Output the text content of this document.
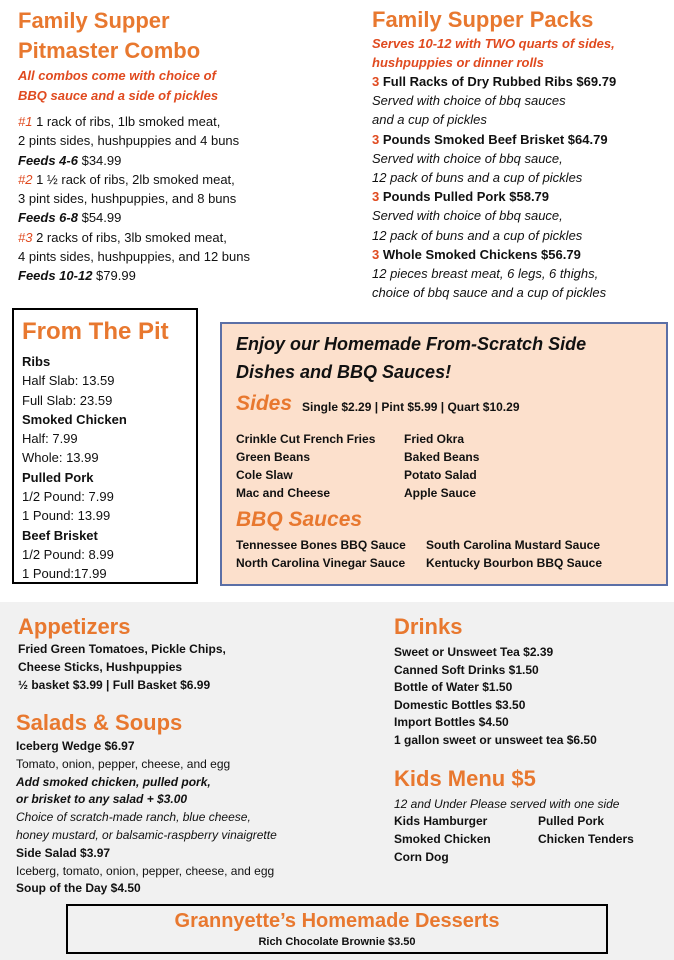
Family Supper
Pitmaster Combo
All combos come with choice of
BBQ sauce and a side of pickles
#1 1 rack of ribs, 1lb smoked meat,
2 pints sides, hushpuppies and 4 buns
Feeds 4-6 $34.99
#2 1 ½ rack of ribs, 2lb smoked meat,
3 pint sides, hushpuppies, and 8 buns
Feeds 6-8 $54.99
#3 2 racks of ribs, 3lb smoked meat,
4 pints sides, hushpuppies, and 12 buns
Feeds 10-12 $79.99
Family Supper Packs
Serves 10-12 with TWO quarts of sides,
hushpuppies or dinner rolls
3 Full Racks of Dry Rubbed Ribs $69.79
Served with choice of bbq sauces
and a cup of pickles
3 Pounds Smoked Beef Brisket $64.79
Served with choice of bbq sauce,
12 pack of buns and a cup of pickles
3 Pounds Pulled Pork $58.79
Served with choice of bbq sauce,
12 pack of buns and a cup of pickles
3 Whole Smoked Chickens $56.79
12 pieces breast meat, 6 legs, 6 thighs,
choice of bbq sauce and a cup of pickles
From The Pit
Ribs
Half Slab: 13.59
Full Slab: 23.59
Smoked Chicken
Half: 7.99
Whole: 13.99
Pulled Pork
1/2 Pound: 7.99
1 Pound: 13.99
Beef Brisket
1/2 Pound: 8.99
1 Pound:17.99
Enjoy our Homemade From-Scratch Side
Dishes and BBQ Sauces!
Sides Single $2.29 | Pint $5.99 | Quart $10.29
Crinkle Cut French Fries
Green Beans
Cole Slaw
Mac and Cheese
Fried Okra
Baked Beans
Potato Salad
Apple Sauce
BBQ Sauces
Tennessee Bones BBQ Sauce
North Carolina Vinegar Sauce
South Carolina Mustard Sauce
Kentucky Bourbon BBQ Sauce
Appetizers
Fried Green Tomatoes, Pickle Chips,
Cheese Sticks, Hushpuppies
½ basket $3.99 | Full Basket $6.99
Salads & Soups
Iceberg Wedge $6.97
Tomato, onion, pepper, cheese, and egg
Add smoked chicken, pulled pork,
or brisket to any salad + $3.00
Choice of scratch-made ranch, blue cheese,
honey mustard, or balsamic-raspberry vinaigrette
Side Salad $3.97
Iceberg, tomato, onion, pepper, cheese, and egg
Soup of the Day $4.50
Drinks
Sweet or Unsweet Tea $2.39
Canned Soft Drinks $1.50
Bottle of Water $1.50
Domestic Bottles $3.50
Import Bottles $4.50
1 gallon sweet or unsweet tea $6.50
Kids Menu $5
12 and Under Please served with one side
Kids Hamburger
Smoked Chicken
Corn Dog
Pulled Pork
Chicken Tenders
Grannyette’s Homemade Desserts
Rich Chocolate Brownie $3.50
